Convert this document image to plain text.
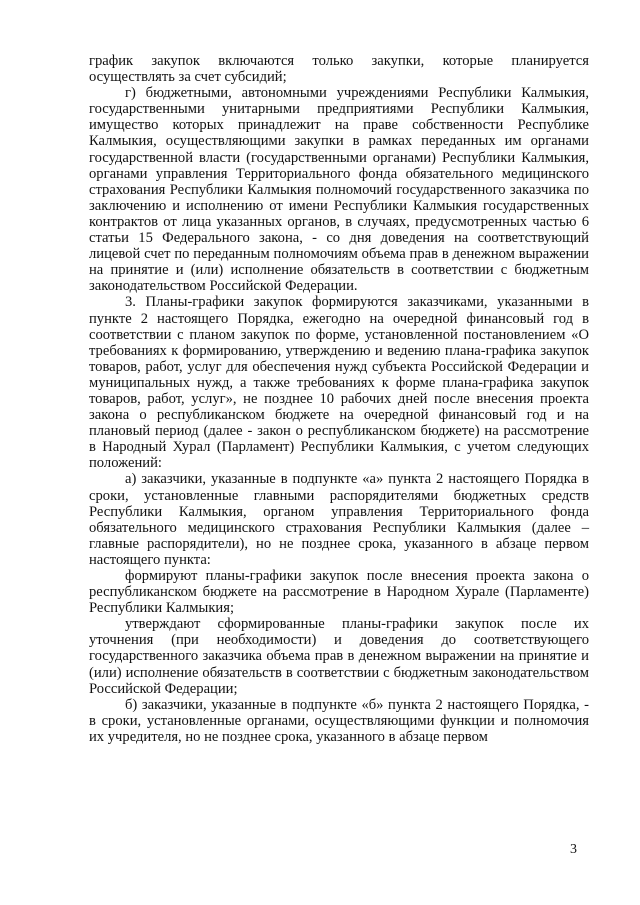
график закупок включаются только закупки, которые планируется осуществлять за счет субсидий;

г) бюджетными, автономными учреждениями Республики Калмыкия, государственными унитарными предприятиями Республики Калмыкия, имущество которых принадлежит на праве собственности Республике Калмыкия, осуществляющими закупки в рамках переданных им органами государственной власти (государственными органами) Республики Калмыкия, органами управления Территориального фонда обязательного медицинского страхования Республики Калмыкия полномочий государственного заказчика по заключению и исполнению от имени Республики Калмыкия государственных контрактов от лица указанных органов, в случаях, предусмотренных частью 6 статьи 15 Федерального закона, - со дня доведения на соответствующий лицевой счет по переданным полномочиям объема прав в денежном выражении на принятие и (или) исполнение обязательств в соответствии с бюджетным законодательством Российской Федерации.

3. Планы-графики закупок формируются заказчиками, указанными в пункте 2 настоящего Порядка, ежегодно на очередной финансовый год в соответствии с планом закупок по форме, установленной постановлением «О требованиях к формированию, утверждению и ведению плана-графика закупок товаров, работ, услуг для обеспечения нужд субъекта Российской Федерации и муниципальных нужд, а также требованиях к форме плана-графика закупок товаров, работ, услуг», не позднее 10 рабочих дней после внесения проекта закона о республиканском бюджете на очередной финансовый год и на плановый период (далее - закон о республиканском бюджете) на рассмотрение в Народный Хурал (Парламент) Республики Калмыкия, с учетом следующих положений:

а) заказчики, указанные в подпункте «а» пункта 2 настоящего Порядка в сроки, установленные главными распорядителями бюджетных средств Республики Калмыкия, органом управления Территориального фонда обязательного медицинского страхования Республики Калмыкия (далее – главные распорядители), но не позднее срока, указанного в абзаце первом настоящего пункта:

формируют планы-графики закупок после внесения проекта закона о республиканском бюджете на рассмотрение в Народном Хурале (Парламенте) Республики Калмыкия;

утверждают сформированные планы-графики закупок после их уточнения (при необходимости) и доведения до соответствующего государственного заказчика объема прав в денежном выражении на принятие и (или) исполнение обязательств в соответствии с бюджетным законодательством Российской Федерации;

б) заказчики, указанные в подпункте «б» пункта 2 настоящего Порядка, - в сроки, установленные органами, осуществляющими функции и полномочия их учредителя, но не позднее срока, указанного в абзаце первом

3
